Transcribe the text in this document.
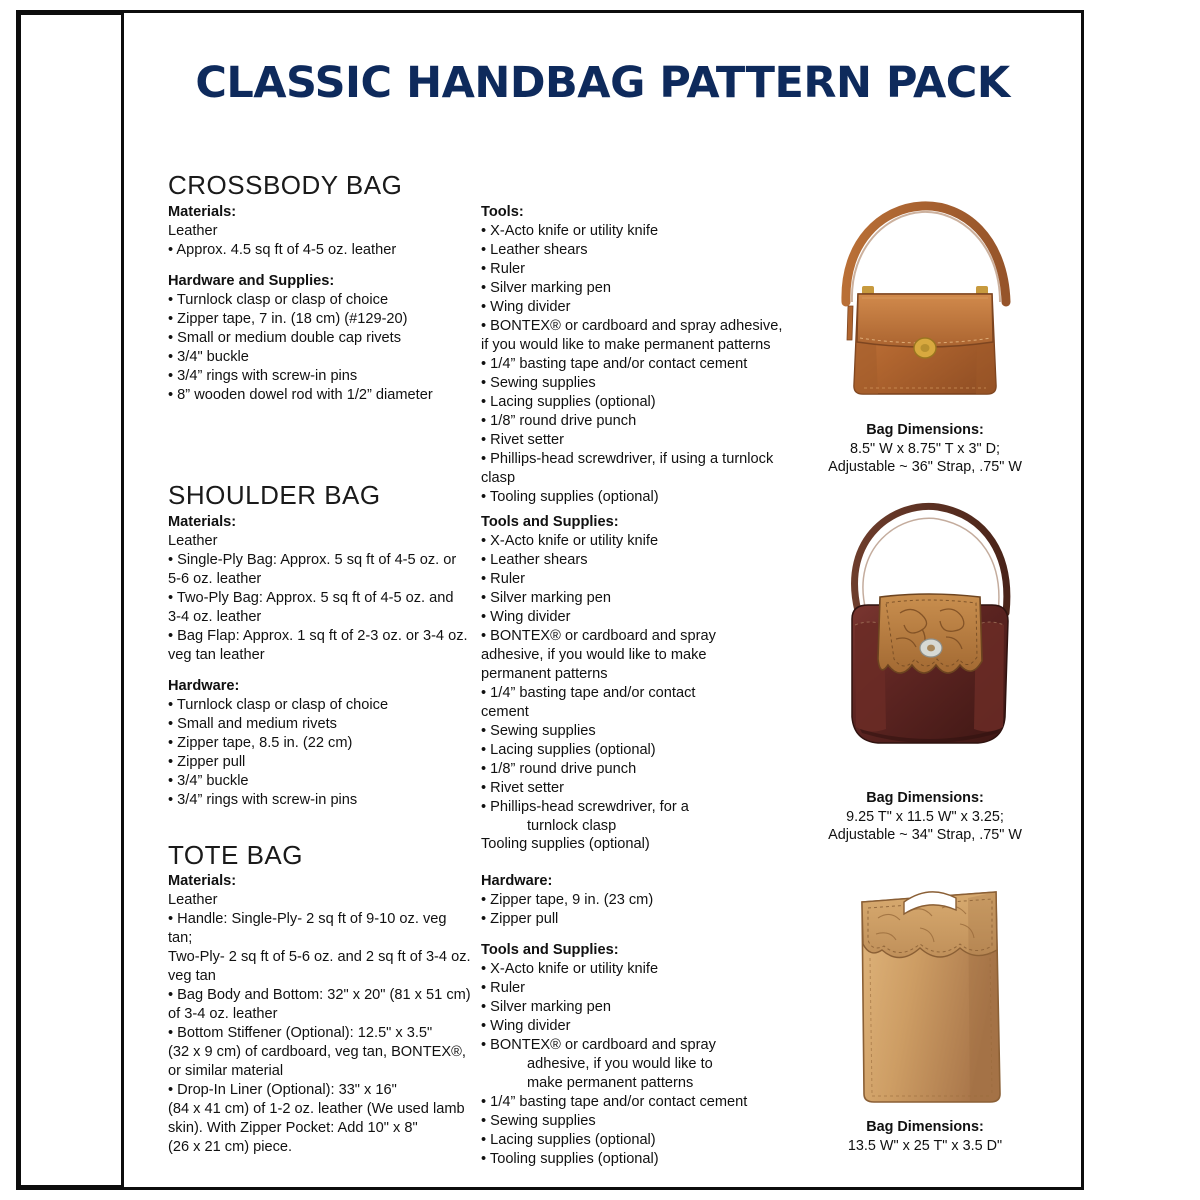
CLASSIC HANDBAG PATTERN PACK
CROSSBODY BAG

Materials:

Leather

• Approx. 4.5 sq ft of 4-5 oz. leather

Hardware and Supplies:

• Turnlock clasp or clasp of choice

• Zipper tape, 7 in. (18 cm) (#129-20)

• Small or medium double cap rivets

• 3/4" buckle

• 3/4” rings with screw-in pins

• 8” wooden dowel rod with 1/2” diameter

Tools:

• X-Acto knife or utility knife

• Leather shears

• Ruler

• Silver marking pen

• Wing divider

• BONTEX® or cardboard and spray adhesive,

if you would like to make permanent patterns

• 1/4” basting tape and/or contact cement

• Sewing supplies

• Lacing supplies (optional)

• 1/8” round drive punch

• Rivet setter

• Phillips-head screwdriver, if using a turnlock

clasp

• Tooling supplies (optional)

Bag Dimensions:
8.5" W x 8.75" T x 3" D;
Adjustable ~ 36" Strap, .75" W
SHOULDER BAG

Materials:

Leather

• Single-Ply Bag: Approx. 5 sq ft of 4-5 oz. or

5-6 oz. leather

• Two-Ply Bag: Approx. 5 sq ft of 4-5 oz. and

3-4 oz. leather

• Bag Flap: Approx. 1 sq ft of 2-3 oz. or 3-4 oz.

veg tan leather

Hardware:

• Turnlock clasp or clasp of choice

• Small and medium rivets

• Zipper tape, 8.5 in. (22 cm)

• Zipper pull

• 3/4” buckle

• 3/4” rings with screw-in pins

Tools and Supplies:

• X-Acto knife or utility knife

• Leather shears

• Ruler

• Silver marking pen

• Wing divider

• BONTEX® or cardboard and spray

adhesive, if you would like to make

permanent patterns

• 1/4” basting tape and/or contact

cement

• Sewing supplies

• Lacing supplies (optional)

• 1/8” round drive punch

• Rivet setter

• Phillips-head screwdriver, for a

turnlock clasp

Tooling supplies (optional)

Bag Dimensions:
9.25 T" x 11.5 W" x 3.25;
Adjustable ~ 34" Strap, .75" W
TOTE BAG

Materials:

Leather

• Handle: Single-Ply- 2 sq ft of 9-10 oz. veg tan;

Two-Ply- 2 sq ft of 5-6 oz. and 2 sq ft of 3-4 oz.

veg tan

• Bag Body and Bottom: 32" x 20" (81 x 51 cm)

of 3-4 oz. leather

• Bottom Stiffener (Optional): 12.5" x 3.5"

(32 x 9 cm) of cardboard, veg tan, BONTEX®,

or similar material

• Drop-In Liner (Optional): 33" x 16"

(84 x 41 cm) of 1-2 oz. leather (We used lamb

skin). With Zipper Pocket: Add 10" x 8"

(26 x 21 cm) piece.

Hardware:

• Zipper tape, 9 in. (23 cm)

• Zipper pull

Tools and Supplies:

• X-Acto knife or utility knife

• Ruler

• Silver marking pen

• Wing divider

• BONTEX® or cardboard and spray

adhesive, if you would like to

make permanent patterns

• 1/4” basting tape and/or contact cement

• Sewing supplies

• Lacing supplies (optional)

• Tooling supplies (optional)

Bag Dimensions:
13.5 W" x 25 T" x 3.5 D"
